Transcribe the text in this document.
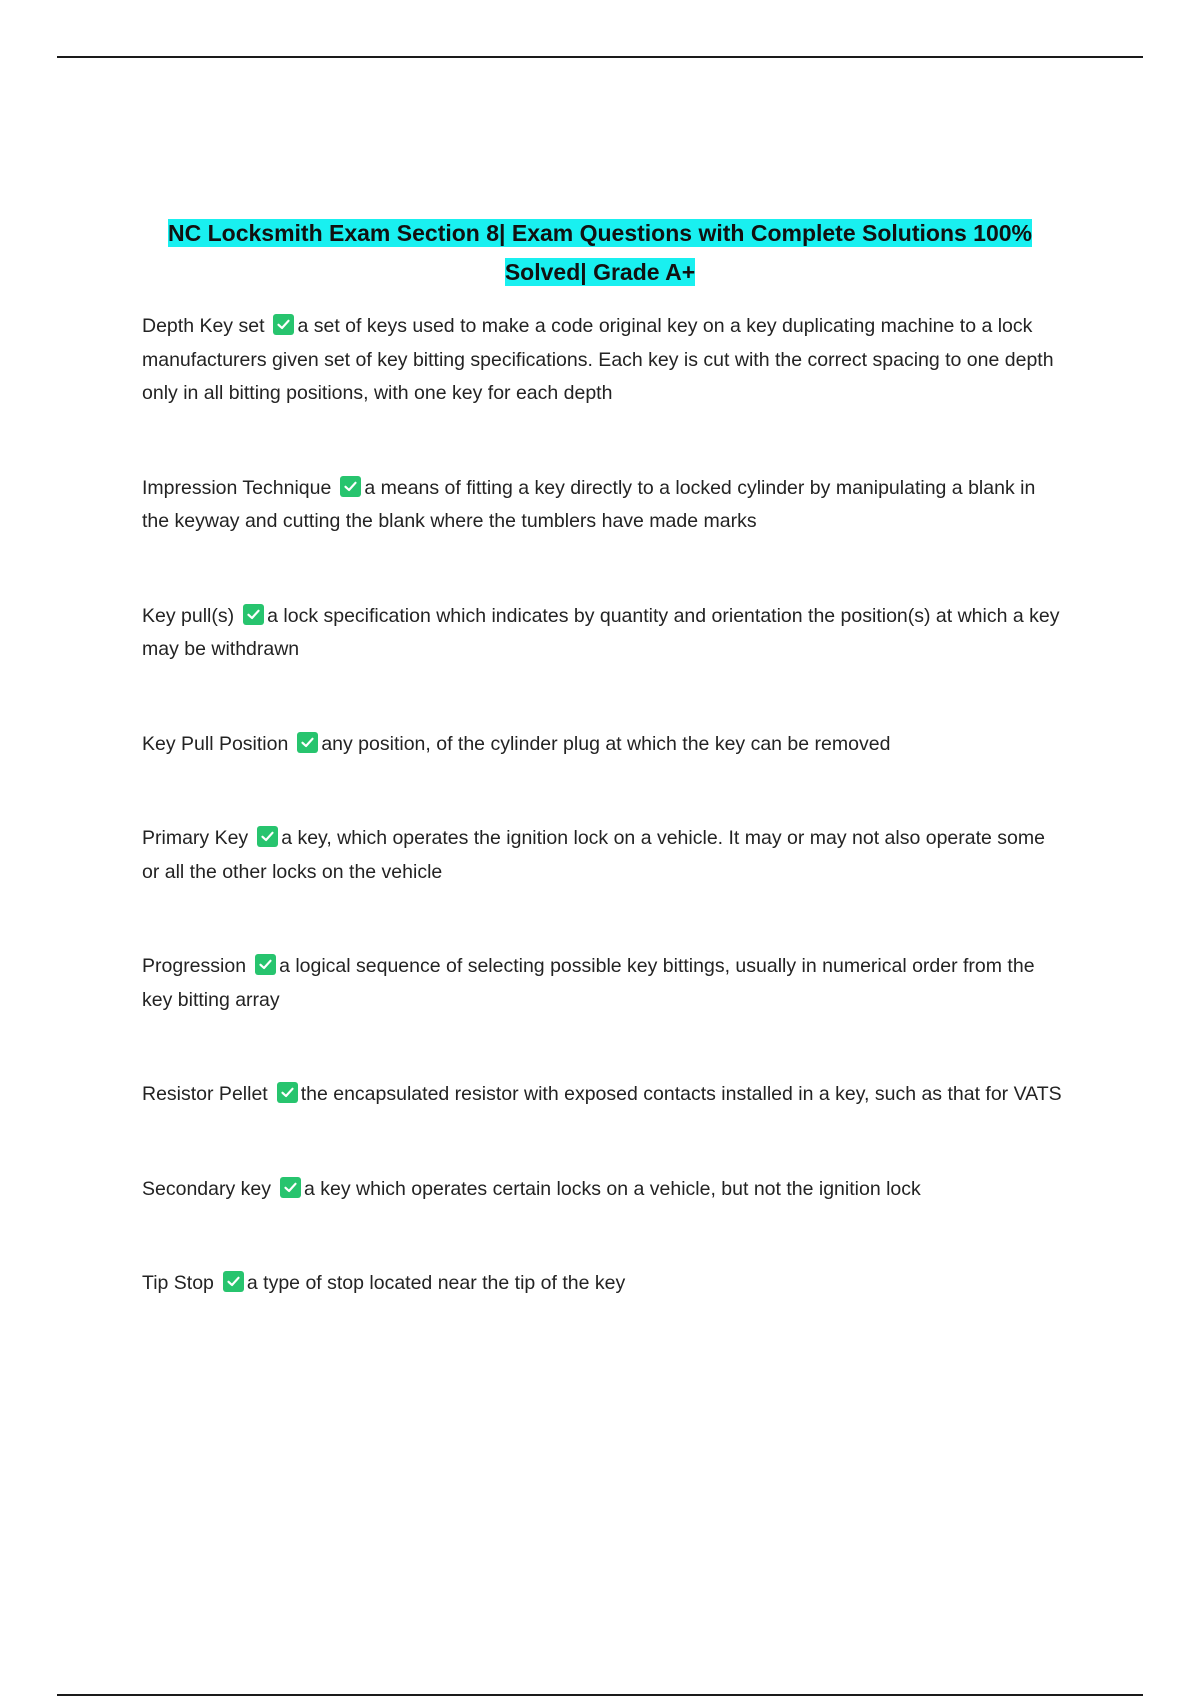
NC Locksmith Exam Section 8| Exam Questions with Complete Solutions 100%
Solved| Grade A+
Depth Key set a set of keys used to make a code original key on a key duplicating machine to a lock manufacturers given set of key bitting specifications. Each key is cut with the correct spacing to one depth only in all bitting positions, with one key for each depth
Impression Technique a means of fitting a key directly to a locked cylinder by manipulating a blank in the keyway and cutting the blank where the tumblers have made marks
Key pull(s) a lock specification which indicates by quantity and orientation the position(s) at which a key may be withdrawn
Key Pull Position any position, of the cylinder plug at which the key can be removed
Primary Key a key, which operates the ignition lock on a vehicle. It may or may not also operate some or all the other locks on the vehicle
Progression a logical sequence of selecting possible key bittings, usually in numerical order from the key bitting array
Resistor Pellet the encapsulated resistor with exposed contacts installed in a key, such as that for VATS
Secondary key a key which operates certain locks on a vehicle, but not the ignition lock
Tip Stop a type of stop located near the tip of the key
